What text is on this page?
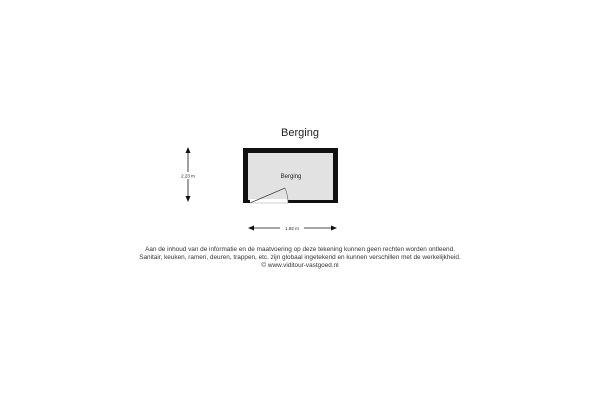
Berging
Berging
2.23 m
1.92 m
Aan de inhoud van de informatie en de maatvoering op deze tekening kunnen geen rechten worden ontleend.
Sanitair, keuken, ramen, deuren, trappen, etc. zijn globaal ingetekend en kunnen verschillen met de werkelijkheid.
© www.viditour-vastgoed.nl
